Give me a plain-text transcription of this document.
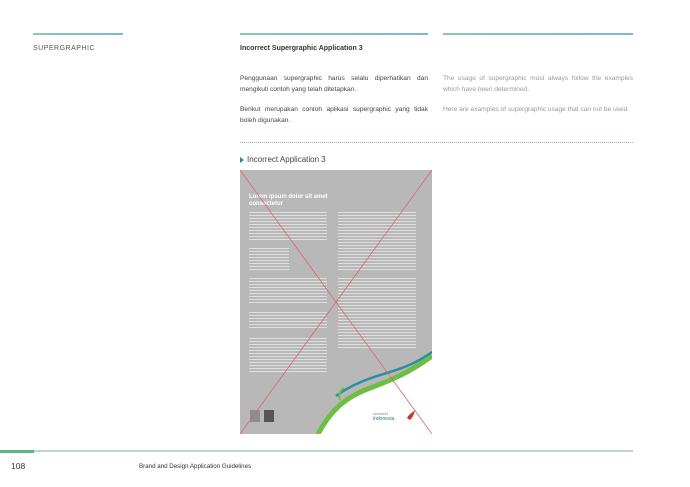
SUPERGRAPHIC	Incorrect Supergraphic Application 3
Penggunaan supergraphic harus selalu diperhatikan dan mengikuti contoh yang telah ditetapkan.
Berikut merupakan contoh aplikasi supergraphic yang tidak boleh digunakan.
The usage of supergraphic must always follow the examples which have been determined.
Here are examples of supergraphic usage that can not be used.
Incorrect Application 3
Lorem ipsum dolor sit amet consectetur
wonderful
indonesia
108	Brand and Design Application Guidelines
